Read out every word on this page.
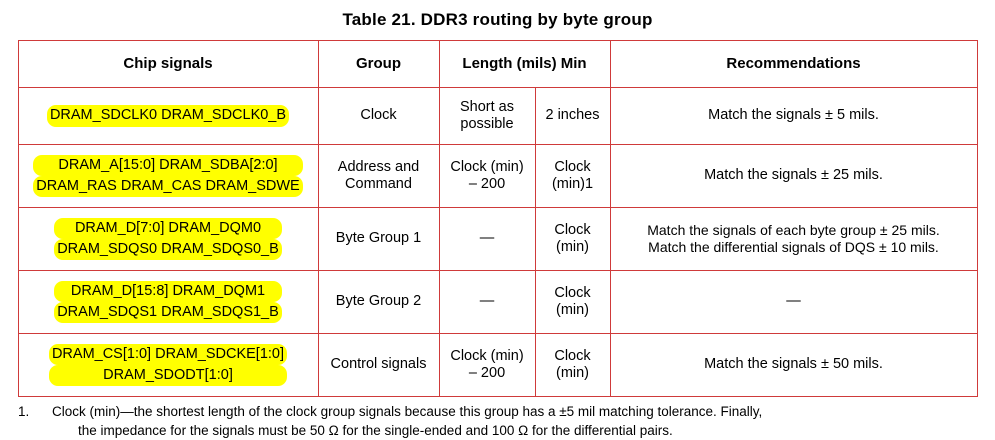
Table 21. DDR3 routing by byte group
Chip signals	Group	Length (mils) Min		Recommendations

DRAM_SDCLK0 DRAM_SDCLK0_B	Clock	Short as
possible	2 inches	Match the signals ± 5 mils.

DRAM_A[15:0] DRAM_SDBA[2:0]
DRAM_RAS DRAM_CAS DRAM_SDWE	Address and
Command	Clock (min)
– 200	Clock
(min)1	Match the signals ± 25 mils.

DRAM_D[7:0] DRAM_DQM0
DRAM_SDQS0 DRAM_SDQS0_B	Byte Group 1	—	Clock
(min)	Match the signals of each byte group ± 25 mils.
Match the differential signals of DQS ± 10 mils.

DRAM_D[15:8] DRAM_DQM1
DRAM_SDQS1 DRAM_SDQS1_B	Byte Group 2	—	Clock
(min)	—

DRAM_CS[1:0] DRAM_SDCKE[1:0]
DRAM_SDODT[1:0]	Control signals	Clock (min)
– 200	Clock
(min)	Match the signals ± 50 mils.
1.	Clock (min)—the shortest length of the clock group signals because this group has a ±5 mil matching tolerance. Finally,
the impedance for the signals must be 50 Ω for the single-ended and 100 Ω for the differential pairs.
